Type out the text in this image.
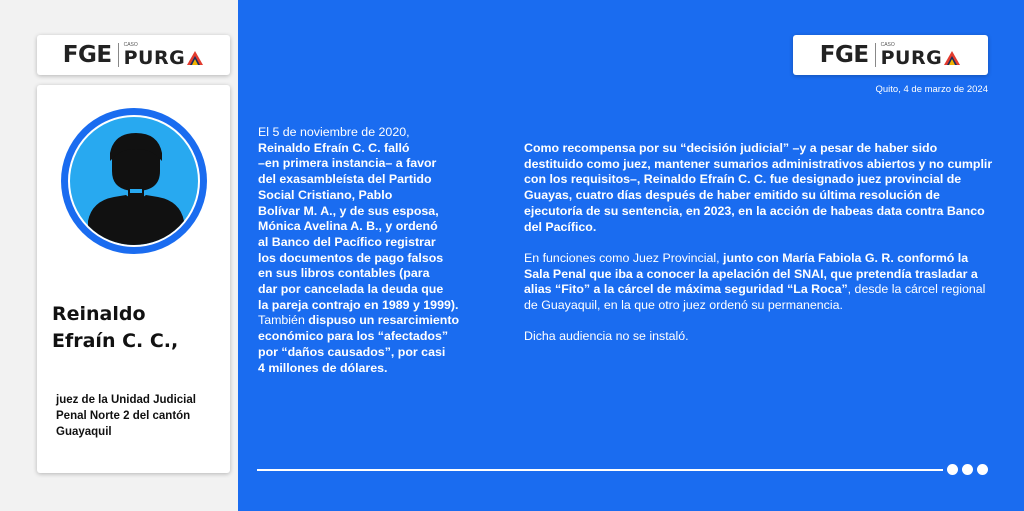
FGE CASO
PURG
Reinaldo
Efraín C. C.,
juez de la Unidad Judicial
Penal Norte 2 del cantón
Guayaquil
FGE CASO
PURG
Quito, 4 de marzo de 2024
El 5 de noviembre de 2020,
Reinaldo Efraín C. C. falló
–en primera instancia– a favor
del exasambleísta del Partido
Social Cristiano, Pablo
Bolívar M. A., y de sus esposa,
Mónica Avelina A. B., y ordenó
al Banco del Pacífico registrar
los documentos de pago falsos
en sus libros contables (para
dar por cancelada la deuda que
la pareja contrajo en 1989 y 1999).
También dispuso un resarcimiento
económico para los “afectados”
por “daños causados”, por casi
4 millones de dólares.

Como recompensa por su “decisión judicial” –y a pesar de haber sido destituido como juez, mantener sumarios administrativos abiertos y no cumplir con los requisitos–, Reinaldo Efraín C. C. fue designado juez provincial de Guayas, cuatro días después de haber emitido su última resolución de ejecutoría de su sentencia, en 2023, en la acción de habeas data contra Banco del Pacífico.

En funciones como Juez Provincial, junto con María Fabiola G. R. conformó la Sala Penal que iba a conocer la apelación del SNAI, que pretendía trasladar a alias “Fito” a la cárcel de máxima seguridad “La Roca”, desde la cárcel regional de Guayaquil, en la que otro juez ordenó su permanencia.

Dicha audiencia no se instaló.
